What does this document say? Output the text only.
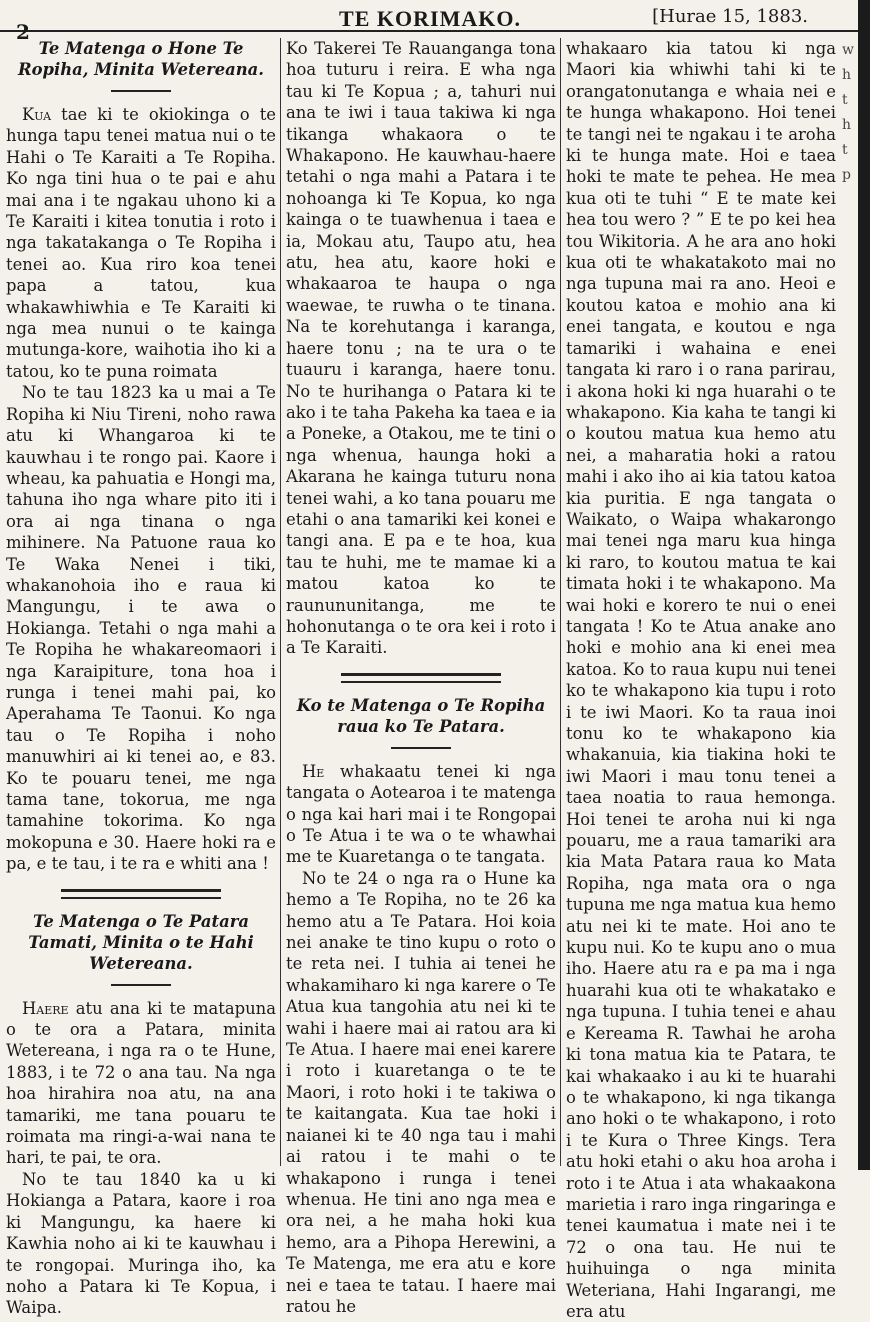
2
TE KORIMAKO.	[Hurae 15, 1883.
Te Matenga o Hone Te Ropiha, Minita Wetereana.

Kua tae ki te okiokinga o te hunga tapu tenei matua nui o te Hahi o Te Karaiti a Te Ropiha. Ko nga tini hua o te pai e ahu mai ana i te ngakau uhono ki a Te Karaiti i kitea tonutia i roto i nga takatakanga o Te Ropiha i tenei ao. Kua riro koa tenei papa a tatou, kua whakawhiwhia e Te Karaiti ki nga mea nunui o te kainga mutunga-kore, waihotia iho ki a tatou, ko te puna roimata

No te tau 1823 ka u mai a Te Ropiha ki Niu Tireni, noho rawa atu ki Whangaroa ki te kauwhau i te rongo pai. Kaore i wheau, ka pahuatia e Hongi ma, tahuna iho nga whare pito iti i ora ai nga tinana o nga mihinere. Na Patuone raua ko Te Waka Nenei i tiki, whakanohoia iho e raua ki Mangungu, i te awa o Hokianga. Tetahi o nga mahi a Te Ropiha he whakareomaori i nga Karaipiture, tona hoa i runga i tenei mahi pai, ko Aperahama Te Taonui. Ko nga tau o Te Ropiha i noho manuwhiri ai ki tenei ao, e 83. Ko te pouaru tenei, me nga tama tane, tokorua, me nga tamahine tokorima. Ko nga mokopuna e 30. Haere hoki ra e pa, e te tau, i te ra e whiti ana !

Te Matenga o Te Patara Tamati, Minita o te Hahi Wetereana.

Haere atu ana ki te matapuna o te ora a Patara, minita Wetereana, i nga ra o te Hune, 1883, i te 72 o ana tau. Na nga hoa hirahira noa atu, na ana tamariki, me tana pouaru te roimata ma ringi-a-wai nana te hari, te pai, te ora.

No te tau 1840 ka u ki Hokianga a Patara, kaore i roa ki Mangungu, ka haere ki Kawhia noho ai ki te kauwhau i te rongopai. Muringa iho, ka noho a Patara ki Te Kopua, i Waipa.

Ko Takerei Te Rauanganga tona hoa tuturu i reira. E wha nga tau ki Te Kopua ; a, tahuri nui ana te iwi i taua takiwa ki nga tikanga whakaora o te Whakapono. He kauwhau-haere tetahi o nga mahi a Patara i te nohoanga ki Te Kopua, ko nga kainga o te tuawhenua i taea e ia, Mokau atu, Taupo atu, hea atu, hea atu, kaore hoki e whakaaroa te haupa o nga waewae, te ruwha o te tinana. Na te korehutanga i karanga, haere tonu ; na te ura o te tuauru i karanga, haere tonu. No te hurihanga o Patara ki te ako i te taha Pakeha ka taea e ia a Poneke, a Otakou, me te tini o nga whenua, haunga hoki a Akarana he kainga tuturu nona tenei wahi, a ko tana pouaru me etahi o ana tamariki kei konei e tangi ana. E pa e te hoa, kua tau te huhi, me te mamae ki a matou katoa ko te raunununitanga, me te hohonutanga o te ora kei i roto i a Te Karaiti.

Ko te Matenga o Te Ropiha raua ko Te Patara.

He whakaatu tenei ki nga tangata o Aotearoa i te matenga o nga kai hari mai i te Rongopai o Te Atua i te wa o te whawhai me te Kuaretanga o te tangata.

No te 24 o nga ra o Hune ka hemo a Te Ropiha, no te 26 ka hemo atu a Te Patara. Hoi koia nei anake te tino kupu o roto o te reta nei. I tuhia ai tenei he whakamiharo ki nga karere o Te Atua kua tangohia atu nei ki te wahi i haere mai ai ratou ara ki Te Atua. I haere mai enei karere i roto i kuaretanga o te te Maori, i roto hoki i te takiwa o te kaitangata. Kua tae hoki i naianei ki te 40 nga tau i mahi ai ratou i te mahi o te whakapono i runga i tenei whenua. He tini ano nga mea e ora nei, a he maha hoki kua hemo, ara a Pihopa Herewini, a Te Matenga, me era atu e kore nei e taea te tatau. I haere mai ratou he

whakaaro kia tatou ki nga Maori kia whiwhi tahi ki te orangatonutanga e whaia nei e te hunga whakapono. Hoi tenei te tangi nei te ngakau i te aroha ki te hunga mate. Hoi e taea hoki te mate te pehea. He mea kua oti te tuhi “ E te mate kei hea tou wero ? ” E te po kei hea tou Wikitoria. A he ara ano hoki kua oti te whakatakoto mai no nga tupuna mai ra ano. Heoi e koutou katoa e mohio ana ki enei tangata, e koutou e nga tamariki i wahaina e enei tangata ki raro i o rana parirau, i akona hoki ki nga huarahi o te whakapono. Kia kaha te tangi ki o koutou matua kua hemo atu nei, a maharatia hoki a ratou mahi i ako iho ai kia tatou katoa kia puritia. E nga tangata o Waikato, o Waipa whakarongo mai tenei nga maru kua hinga ki raro, to koutou matua te kai timata hoki i te whakapono. Ma wai hoki e korero te nui o enei tangata ! Ko te Atua anake ano hoki e mohio ana ki enei mea katoa. Ko to raua kupu nui tenei ko te whakapono kia tupu i roto i te iwi Maori. Ko ta raua inoi tonu ko te whakapono kia whakanuia, kia tiakina hoki te iwi Maori i mau tonu tenei a taea noatia to raua hemonga. Hoi tenei te aroha nui ki nga pouaru, me a raua tamariki ara kia Mata Patara raua ko Mata Ropiha, nga mata ora o nga tupuna me nga matua kua hemo atu nei ki te mate. Hoi ano te kupu nui. Ko te kupu ano o mua iho. Haere atu ra e pa ma i nga huarahi kua oti te whakatako e nga tupuna. I tuhia tenei e ahau e Kereama R. Tawhai he aroha ki tona matua kia te Patara, te kai whakaako i au ki te huarahi o te whakapono, ki nga tikanga ano hoki o te whakapono, i roto i te Kura o Three Kings. Tera atu hoki etahi o aku hoa aroha i roto i te Atua i ata whakaakona marietia i raro inga ringaringa e tenei kaumatua i mate nei i te 72 o ona tau. He nui te huihuinga o nga minita Weteriana, Hahi Ingarangi, me era atu

w
h
t
h
t
p
